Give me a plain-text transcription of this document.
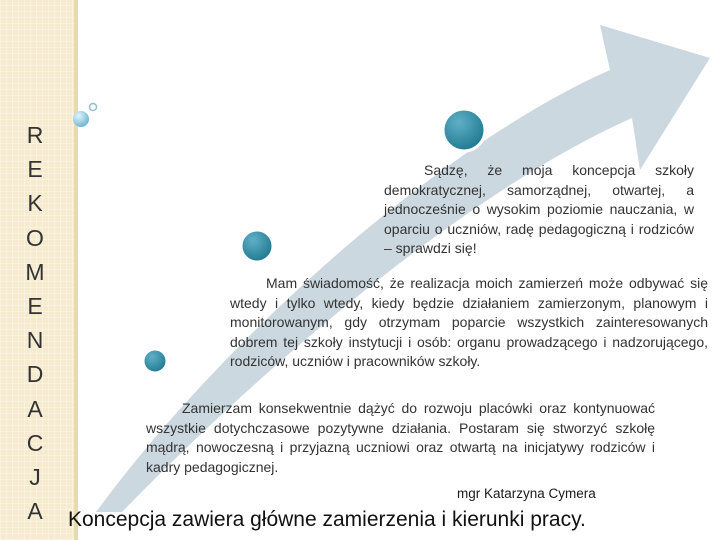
R
E
K
O
M
E
N
D
A
C
J
A

Sądzę, że moja koncepcja szkoły demokratycznej, samorządnej, otwartej, a jednocześnie o wysokim poziomie nauczania, w oparciu o uczniów, radę pedagogiczną i rodziców – sprawdzi się!

Mam świadomość, że realizacja moich zamierzeń może odbywać się wtedy i tylko wtedy, kiedy będzie działaniem zamierzonym, planowym i monitorowanym, gdy otrzymam poparcie wszystkich zainteresowanych dobrem tej szkoły instytucji i osób: organu prowadzącego i nadzorującego, rodziców, uczniów i pracowników szkoły.

Zamierzam konsekwentnie dążyć do rozwoju placówki oraz kontynuować wszystkie dotychczasowe pozytywne działania. Postaram się stworzyć szkołę mądrą, nowoczesną i przyjazną uczniowi oraz otwartą na inicjatywy rodziców i kadry pedagogicznej.

mgr Katarzyna Cymera
Koncepcja zawiera główne zamierzenia i kierunki pracy.
